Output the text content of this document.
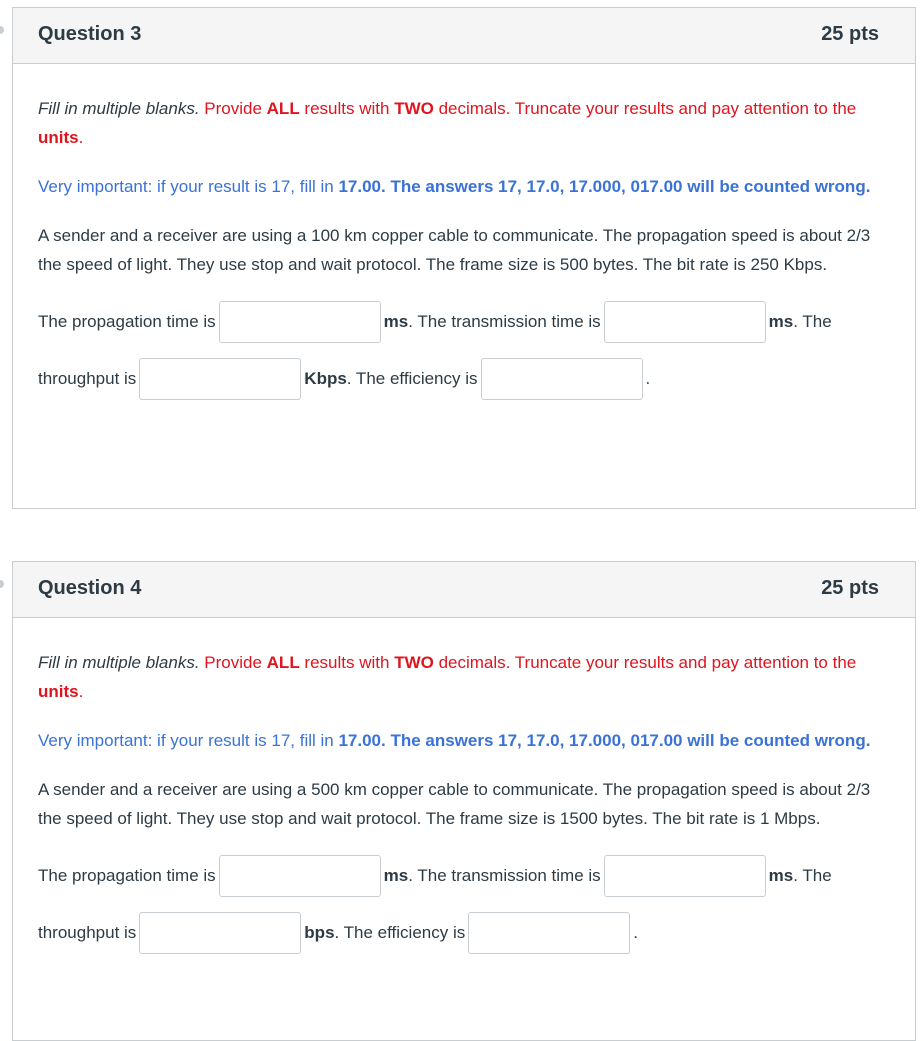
Question 3	25 pts

Fill in multiple blanks. Provide ALL results with TWO decimals. Truncate your results and pay attention to the units.

Very important: if your result is 17, fill in 17.00. The answers 17, 17.0, 17.000, 017.00 will be counted wrong.

A sender and a receiver are using a 100 km copper cable to communicate. The propagation speed is about 2/3 the speed of light. They use stop and wait protocol. The frame size is 500 bytes. The bit rate is 250 Kbps.

The propagation time is	ms . The transmission time is	ms . The
throughput is	Kbps . The efficiency is	.
Question 4	25 pts

Fill in multiple blanks. Provide ALL results with TWO decimals. Truncate your results and pay attention to the units.

Very important: if your result is 17, fill in 17.00. The answers 17, 17.0, 17.000, 017.00 will be counted wrong.

A sender and a receiver are using a 500 km copper cable to communicate. The propagation speed is about 2/3 the speed of light. They use stop and wait protocol. The frame size is 1500 bytes. The bit rate is 1 Mbps.

The propagation time is	ms . The transmission time is	ms . The
throughput is	bps . The efficiency is	.
